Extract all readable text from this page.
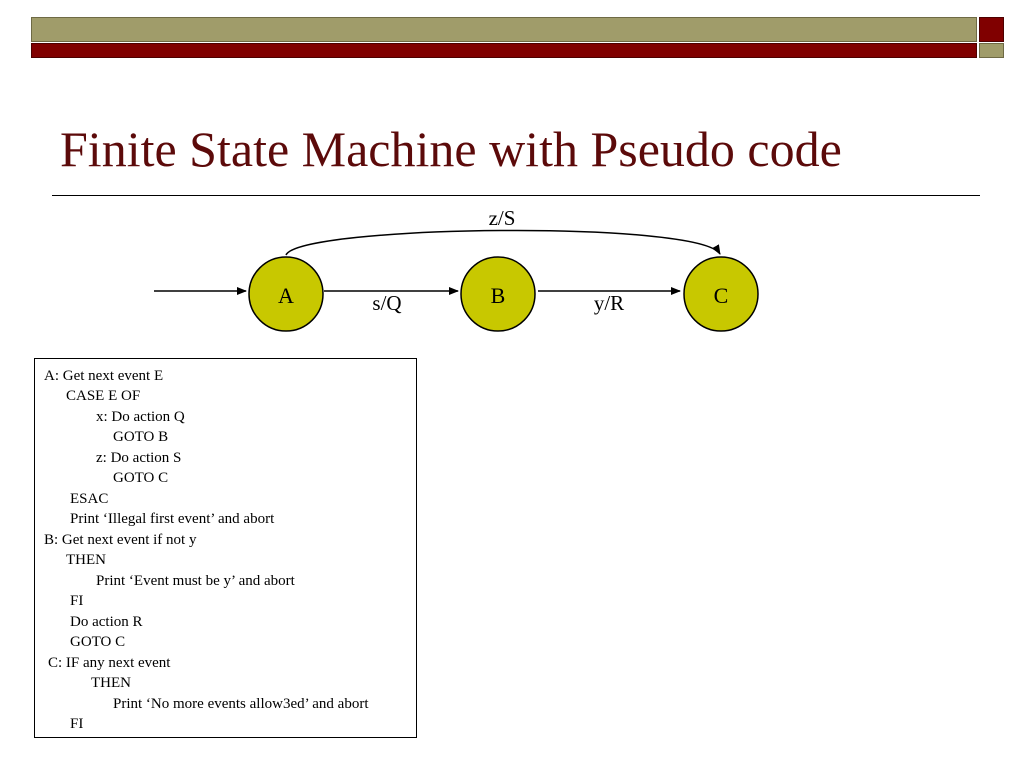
Finite State Machine with Pseudo code
A	B	C
s/Q	y/R
z/S
A: Get next event E
CASE E OF
x: Do action Q
GOTO B
z: Do action S
GOTO C
ESAC
Print ‘Illegal first event’ and abort
B: Get next event if not y
THEN
Print ‘Event must be y’ and abort
FI
Do action R
GOTO C
C: IF any next event
THEN
Print ‘No more events allow3ed’ and abort
FI
